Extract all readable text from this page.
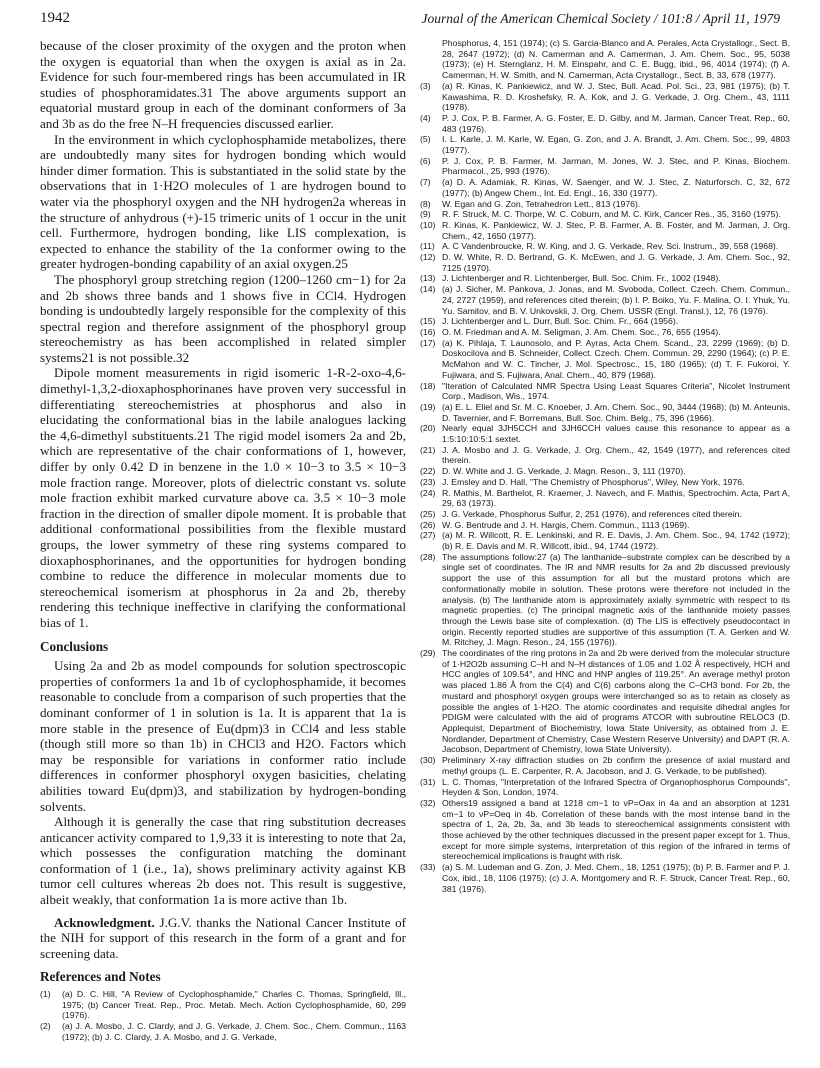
1942	Journal of the American Chemical Society / 101:8 / April 11, 1979

because of the closer proximity of the oxygen and the proton when the oxygen is equatorial than when the oxygen is axial as in 2a. Evidence for such four-membered rings has been accumulated in IR studies of phosphoramidates.31 The above arguments support an equatorial mustard group in each of the dominant conformers of 3a and 3b as do the free N–H frequencies discussed earlier.

In the environment in which cyclophosphamide metabolizes, there are undoubtedly many sites for hydrogen bonding which would hinder dimer formation. This is substantiated in the solid state by the observations that in 1·H2O molecules of 1 are hydrogen bound to water via the phosphoryl oxygen and the NH hydrogen2a whereas in the structure of anhydrous (+)-15 trimeric units of 1 occur in the unit cell. Furthermore, hydrogen bonding, like LIS complexation, is expected to enhance the stability of the 1a conformer owing to the greater hydrogen-bonding capability of an axial oxygen.25

The phosphoryl group stretching region (1200–1260 cm−1) for 2a and 2b shows three bands and 1 shows five in CCl4. Hydrogen bonding is undoubtedly largely responsible for the complexity of this spectral region and therefore assignment of the phosphoryl group stereochemistry as has been accomplished in related simpler systems21 is not possible.32

Dipole moment measurements in rigid isomeric 1-R-2-oxo-4,6-dimethyl-1,3,2-dioxaphosphorinanes have proven very successful in differentiating stereochemistries at phosphorus and also in elucidating the conformational bias in the labile analogues lacking the 4,6-dimethyl substituents.21 The rigid model isomers 2a and 2b, which are representative of the chair conformations of 1, however, differ by only 0.42 D in benzene in the 1.0 × 10−3 to 3.5 × 10−3 mole fraction range. Moreover, plots of dielectric constant vs. solute mole fraction exhibit marked curvature above ca. 3.5 × 10−3 mole fraction in the direction of smaller dipole moment. It is probable that additional conformational possibilities from the flexible mustard groups, the lower symmetry of these ring systems compared to dioxaphosphorinanes, and the opportunities for hydrogen bonding combine to reduce the difference in molecular moments due to stereochemical isomerism at phosphorus in 2a and 2b, thereby rendering this technique ineffective in clarifying the conformational bias of 1.

Conclusions

Using 2a and 2b as model compounds for solution spectroscopic properties of conformers 1a and 1b of cyclophosphamide, it becomes reasonable to conclude from a comparison of such properties that the dominant conformer of 1 in solution is 1a. It is apparent that 1a is more stable in the presence of Eu(dpm)3 in CCl4 and less stable (though still more so than 1b) in CHCl3 and H2O. Factors which may be responsible for variations in conformer ratio include differences in conformer phosphoryl oxygen basicities, chelating abilities toward Eu(dpm)3, and stabilization by hydrogen-bonding solvents.

Although it is generally the case that ring substitution decreases anticancer activity compared to 1,9,33 it is interesting to note that 2a, which possesses the configuration matching the dominant conformation of 1 (i.e., 1a), shows preliminary activity against KB tumor cell cultures whereas 2b does not. This result is suggestive, albeit weakly, that conformation 1a is more active than 1b.

Acknowledgment. J.G.V. thanks the National Cancer Institute of the NIH for support of this research in the form of a grant and for screening data.

References and Notes
(1)	(a) D. C. Hill, "A Review of Cyclophosphamide," Charles C. Thomas, Springfield, Ill., 1975; (b) Cancer Treat. Rep., Proc. Metab. Mech. Action Cyclophosphamide, 60, 299 (1976).
(2)	(a) J. A. Mosbo, J. C. Clardy, and J. G. Verkade, J. Chem. Soc., Chem. Commun., 1163 (1972); (b) J. C. Clardy, J. A. Mosbo, and J. G. Verkade,

Phosphorus, 4, 151 (1974); (c) S. Garcia-Blanco and A. Perales, Acta Crystallogr., Sect. B, 28, 2647 (1972); (d) N. Camerman and A. Camerman, J. Am. Chem. Soc., 95, 5038 (1973); (e) H. Sternglanz, H. M. Einspahr, and C. E. Bugg, ibid., 96, 4014 (1974); (f) A. Camerman, H. W. Smith, and N. Camerman, Acta Crystallogr., Sect. B, 33, 678 (1977).

(3)	(a) R. Kinas, K. Pankiewicz, and W. J. Stec, Bull. Acad. Pol. Sci., 23, 981 (1975); (b) T. Kawashima, R. D. Kroshefsky, R. A. Kok, and J. G. Verkade, J. Org. Chem., 43, 1111 (1978).
(4)	P. J. Cox, P. B. Farmer, A. G. Foster, E. D. Gilby, and M. Jarman, Cancer Treat. Rep., 60, 483 (1976).
(5)	I. L. Karle, J. M. Karle, W. Egan, G. Zon, and J. A. Brandt, J. Am. Chem. Soc., 99, 4803 (1977).
(6)	P. J. Cox, P. B. Farmer, M. Jarman, M. Jones, W. J. Stec, and P. Kinas, Biochem. Pharmacol., 25, 993 (1976).
(7)	(a) D. A. Adamiak, R. Kinas, W. Saenger, and W. J. Stec, Z. Naturforsch. C, 32, 672 (1977); (b) Angew Chem., Int. Ed. Engl., 16, 330 (1977).
(8)	W. Egan and G. Zon, Tetrahedron Lett., 813 (1976).
(9)	R. F. Struck, M. C. Thorpe, W. C. Coburn, and M. C. Kirk, Cancer Res., 35, 3160 (1975).
(10) R. Kinas, K. Pankiewicz, W. J. Stec, P. B. Farmer, A. B. Foster, and M. Jarman, J. Org. Chem., 42, 1650 (1977).
(11) A. C Vandenbroucke, R. W. King, and J. G. Verkade, Rev. Sci. Instrum., 39, 558 (1968).
(12) D. W. White, R. D. Bertrand, G. K. McEwen, and J. G. Verkade, J. Am. Chem. Soc., 92, 7125 (1970).
(13) J. Lichtenberger and R. Lichtenberger, Bull. Soc. Chim. Fr., 1002 (1948).
(14) (a) J. Sicher, M. Pankova, J. Jonas, and M. Svoboda, Collect. Czech. Chem. Commun., 24, 2727 (1959), and references cited therein; (b) I. P. Boiko, Yu. F. Malina, O. I. Yhuk, Yu. Yu. Samitov, and B. V. Unkovskii, J. Org. Chem. USSR (Engl. Transl.), 12, 76 (1976).
(15) J. Lichtenberger and L. Durr, Bull. Soc. Chim. Fr., 664 (1956).
(16) O. M. Friedman and A. M. Seligman, J. Am. Chem. Soc., 76, 655 (1954).
(17) (a) K. Pihlaja, T. Launosolo, and P. Ayras, Acta Chem. Scand., 23, 2299 (1969); (b) D. Doskocilova and B. Schneider, Collect. Czech. Chem. Commun. 29, 2290 (1964); (c) P. E. McMahon and W. C. Tincher, J. Mol. Spectrosc., 15, 180 (1965); (d) T. F. Fukoroi, Y. Fujiwara, and S. Fujiwara, Anal. Chem., 40, 879 (1968).
(18) "Iteration of Calculated NMR Spectra Using Least Squares Criteria", Nicolet Instrument Corp., Madison, Wis., 1974.
(19) (a) E. L. Eliel and Sr. M. C. Knoeber, J. Am. Chem. Soc., 90, 3444 (1968); (b) M. Anteunis, D. Tavernier, and F. Borremans, Bull. Soc. Chim. Belg., 75, 396 (1966).
(20) Nearly equal 3JH5CCH and 3JH6CCH values cause this resonance to appear as a 1:5:10:10:5:1 sextet.
(21) J. A. Mosbo and J. G. Verkade, J. Org. Chem., 42, 1549 (1977), and references cited therein.
(22) D. W. White and J. G. Verkade, J. Magn. Reson., 3, 111 (1970).
(23) J. Emsley and D. Hall, "The Chemistry of Phosphorus", Wiley, New York, 1976.
(24) R. Mathis, M. Barthelot, R. Kraemer, J. Navech, and F. Mathis, Spectrochim. Acta, Part A, 29, 63 (1973).
(25) J. G. Verkade, Phosphorus Sulfur, 2, 251 (1976), and references cited therein.
(26) W. G. Bentrude and J. H. Hargis, Chem. Commun., 1113 (1969).
(27) (a) M. R. Willcott, R. E. Lenkinski, and R. E. Davis, J. Am. Chem. Soc., 94, 1742 (1972); (b) R. E. Davis and M. R. Willcott, ibid., 94, 1744 (1972).
(28) The assumptions follow:27 (a) The lanthanide–substrate complex can be described by a single set of coordinates. The IR and NMR results for 2a and 2b discussed previously support the use of this assumption for all but the mustard protons which are conformationally mobile in solution. These protons were therefore not included in the analysis. (b) The lanthanide atom is approximately axially symmetric with respect to its magnetic properties. (c) The principal magnetic axis of the lanthanide moiety passes through the Lewis base site of complexation. (d) The LIS is effectively pseudocontact in origin. Recently reported studies are supportive of this assumption (T. A. Gerken and W. M. Ritchey, J. Magn. Reson., 24, 155 (1976)).
(29) The coordinates of the ring protons in 2a and 2b were derived from the molecular structure of 1·H2O2b assuming C–H and N–H distances of 1.05 and 1.02 Å respectively, HCH and HCC angles of 109.54°, and HNC and HNP angles of 119.25°. An average methyl proton was placed 1.86 Å from the C(4) and C(6) carbons along the C–CH3 bond. For 2b, the mustard and phosphoryl oxygen groups were interchanged so as to retain as closely as possible the angles of 1·H2O. The atomic coordinates and requisite dihedral angles for PDIGM were calculated with the aid of programs ATCOR with subroutine RELOC3 (D. Applequist, Department of Biochemistry, Iowa State University, as obtained from J. E. Nordlander, Department of Chemistry, Case Western Reserve University) and DAPT (R. A. Jacobson, Department of Chemistry, Iowa State University).
(30) Preliminary X-ray diffraction studies on 2b confirm the presence of axial mustard and methyl groups (L. E. Carpenter, R. A. Jacobson, and J. G. Verkade, to be published).
(31) L. C. Thomas, "Interpretation of the Infrared Spectra of Organophosphorus Compounds", Heyden & Son, London, 1974.
(32) Others19 assigned a band at 1218 cm−1 to νP=Oax in 4a and an absorption at 1231 cm−1 to νP=Oeq in 4b. Correlation of these bands with the most intense band in the spectra of 1, 2a, 2b, 3a, and 3b leads to stereochemical assignments consistent with those achieved by the other techniques discussed in the present paper except for 1. Thus, except for more simple systems, interpretation of this region of the infrared in terms of stereochemical implications is fraught with risk.
(33) (a) S. M. Ludeman and G. Zon, J. Med. Chem., 18, 1251 (1975); (b) P. B. Farmer and P. J. Cox, ibid., 18, 1106 (1975); (c) J. A. Montgomery and R. F. Struck, Cancer Treat. Rep., 60, 381 (1976).
